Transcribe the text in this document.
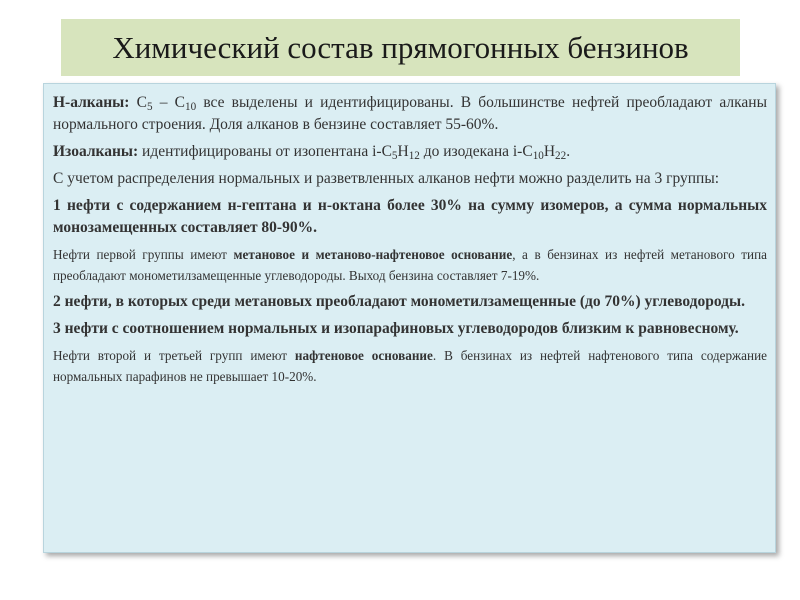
Химический состав прямогонных бензинов

Н-алканы: $С_5 - С_{10}$ все выделены и идентифицированы. В большинстве нефтей преобладают алканы нормального строения. Доля алканов в бензине составляет 55-60%.

Изоалканы: идентифицированы от изопентана $i-C_5H_{12}$ до изодекана $i-C_{10}H_{22}$.

С учетом распределения нормальных и разветвленных алканов нефти можно разделить на 3 группы:

1 нефти с содержанием н-гептана и н-октана более 30% на сумму изомеров, а сумма нормальных монозамещенных составляет 80-90%.

Нефти первой группы имеют метановое и метаново-нафтеновое основание, а в бензинах из нефтей метанового типа преобладают монометилзамещенные углеводороды. Выход бензина составляет 7-19%.

2 нефти, в которых среди метановых преобладают монометилзамещенные (до 70%) углеводороды.

3 нефти с соотношением нормальных и изопарафиновых углеводородов близким к равновесному.

Нефти второй и третьей групп имеют нафтеновое основание. В бензинах из нефтей нафтенового типа содержание нормальных парафинов не превышает 10-20%.
